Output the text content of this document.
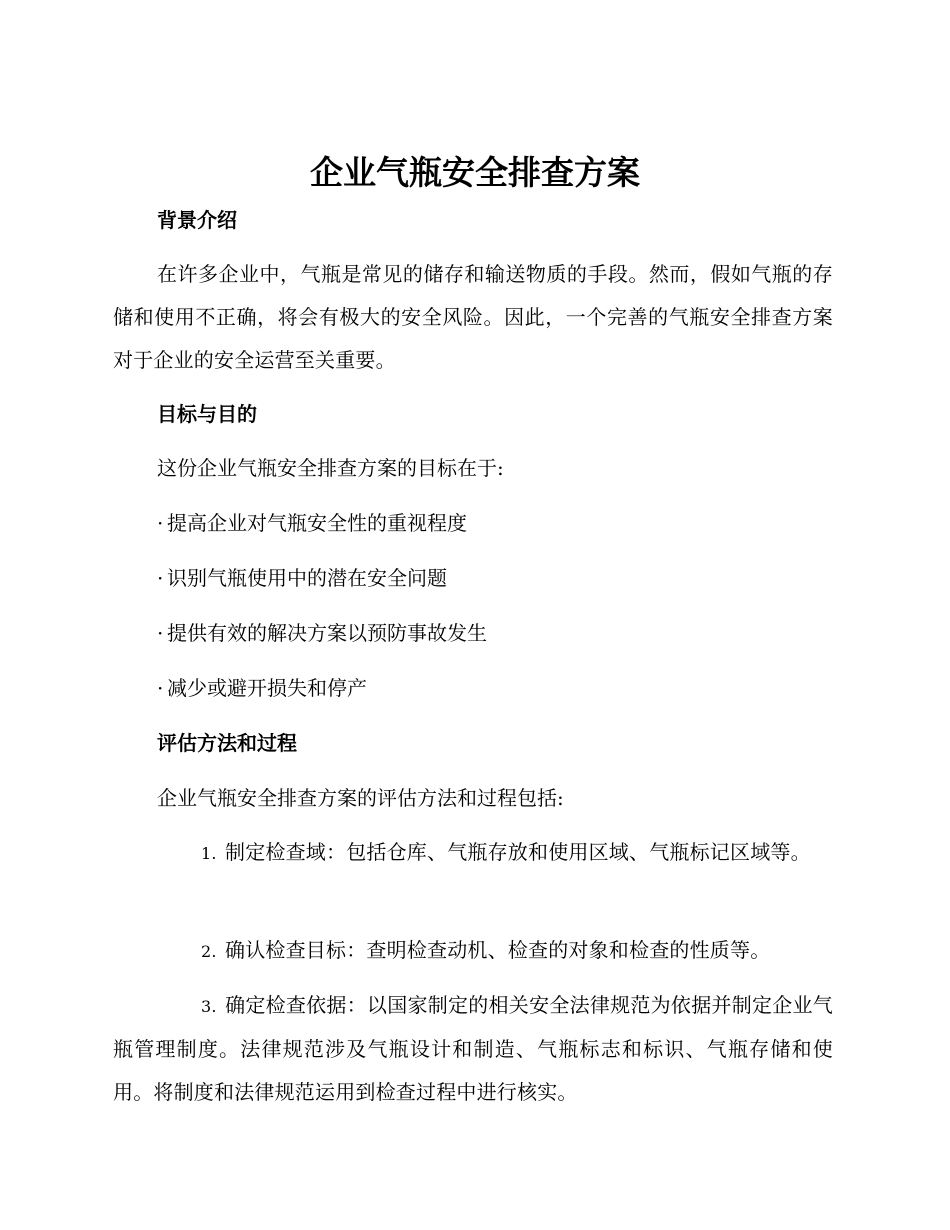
企业气瓶安全排查方案
背景介绍
在许多企业中，气瓶是常见的储存和输送物质的手段。然而，假如气瓶的存储和使用不正确，将会有极大的安全风险。因此，一个完善的气瓶安全排查方案对于企业的安全运营至关重要。
目标与目的
这份企业气瓶安全排查方案的目标在于:
· 提高企业对气瓶安全性的重视程度
· 识别气瓶使用中的潜在安全问题
· 提供有效的解决方案以预防事故发生
· 减少或避开损失和停产
评估方法和过程
企业气瓶安全排查方案的评估方法和过程包括:
1. 制定检查域：包括仓库、气瓶存放和使用区域、气瓶标记区域等。
2. 确认检查目标：查明检查动机、检查的对象和检查的性质等。
3. 确定检查依据：以国家制定的相关安全法律规范为依据并制定企业气瓶管理制度。法律规范涉及气瓶设计和制造、气瓶标志和标识、气瓶存储和使用。将制度和法律规范运用到检查过程中进行核实。
